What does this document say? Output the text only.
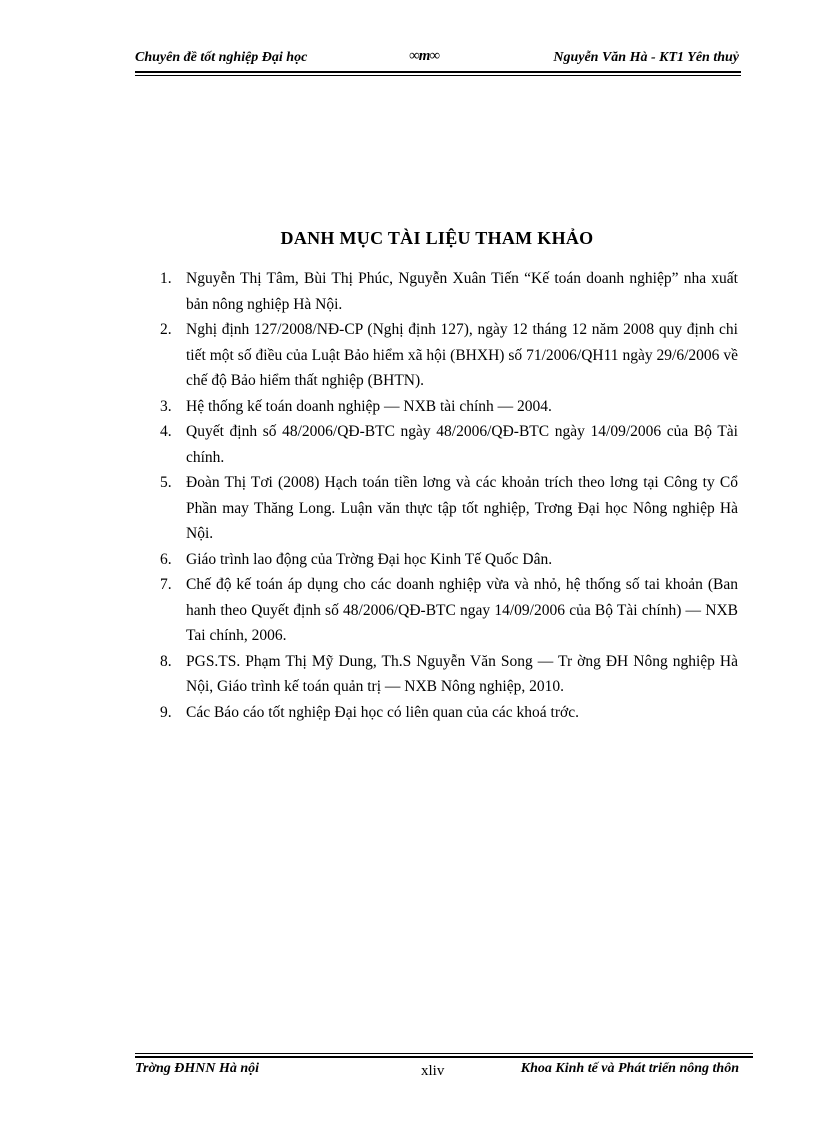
Chuyên đề tốt nghiệp Đại học	∞m∞	Nguyễn Văn Hà - KT1 Yên thuỷ
DANH MỤC TÀI LIỆU THAM KHẢO
1. Nguyễn Thị Tâm, Bùi Thị Phúc, Nguyễn Xuân Tiến “Kế toán doanh nghiệp” nha xuất bản nông nghiệp Hà Nội.
2. Nghị định 127/2008/NĐ-CP (Nghị định 127), ngày 12 tháng 12 năm 2008 quy định chi tiết một số điều của Luật Bảo hiểm xã hội (BHXH) số 71/2006/QH11 ngày 29/6/2006 về chế độ Bảo hiểm thất nghiệp (BHTN).
3. Hệ thống kế toán doanh nghiệp — NXB tài chính — 2004.
4. Quyết định số 48/2006/QĐ-BTC ngày 48/2006/QĐ-BTC ngày 14/09/2006 của Bộ Tài chính.
5. Đoàn Thị Tơi (2008) Hạch toán tiền lơng và các khoản trích theo lơng tại Công ty Cổ Phần may Thăng Long. Luận văn thực tập tốt nghiệp, Trơng Đại học Nông nghiệp Hà Nội.
6. Giáo trình lao động của Trờng Đại học Kinh Tế Quốc Dân.
7. Chế độ kế toán áp dụng cho các doanh nghiệp vừa và nhỏ, hệ thống số tai khoản (Ban hanh theo Quyết định số 48/2006/QĐ-BTC ngay 14/09/2006 của Bộ Tài chính) — NXB Tai chính, 2006.
8. PGS.TS. Phạm Thị Mỹ Dung, Th.S Nguyễn Văn Song — Tr ờng ĐH Nông nghiệp Hà Nội, Giáo trình kế toán quản trị — NXB Nông nghiệp, 2010.
9. Các Báo cáo tốt nghiệp Đại học có liên quan của các khoá trớc.
Trờng ĐHNN Hà nội	xliv	Khoa Kinh tế và Phát triển nông thôn
